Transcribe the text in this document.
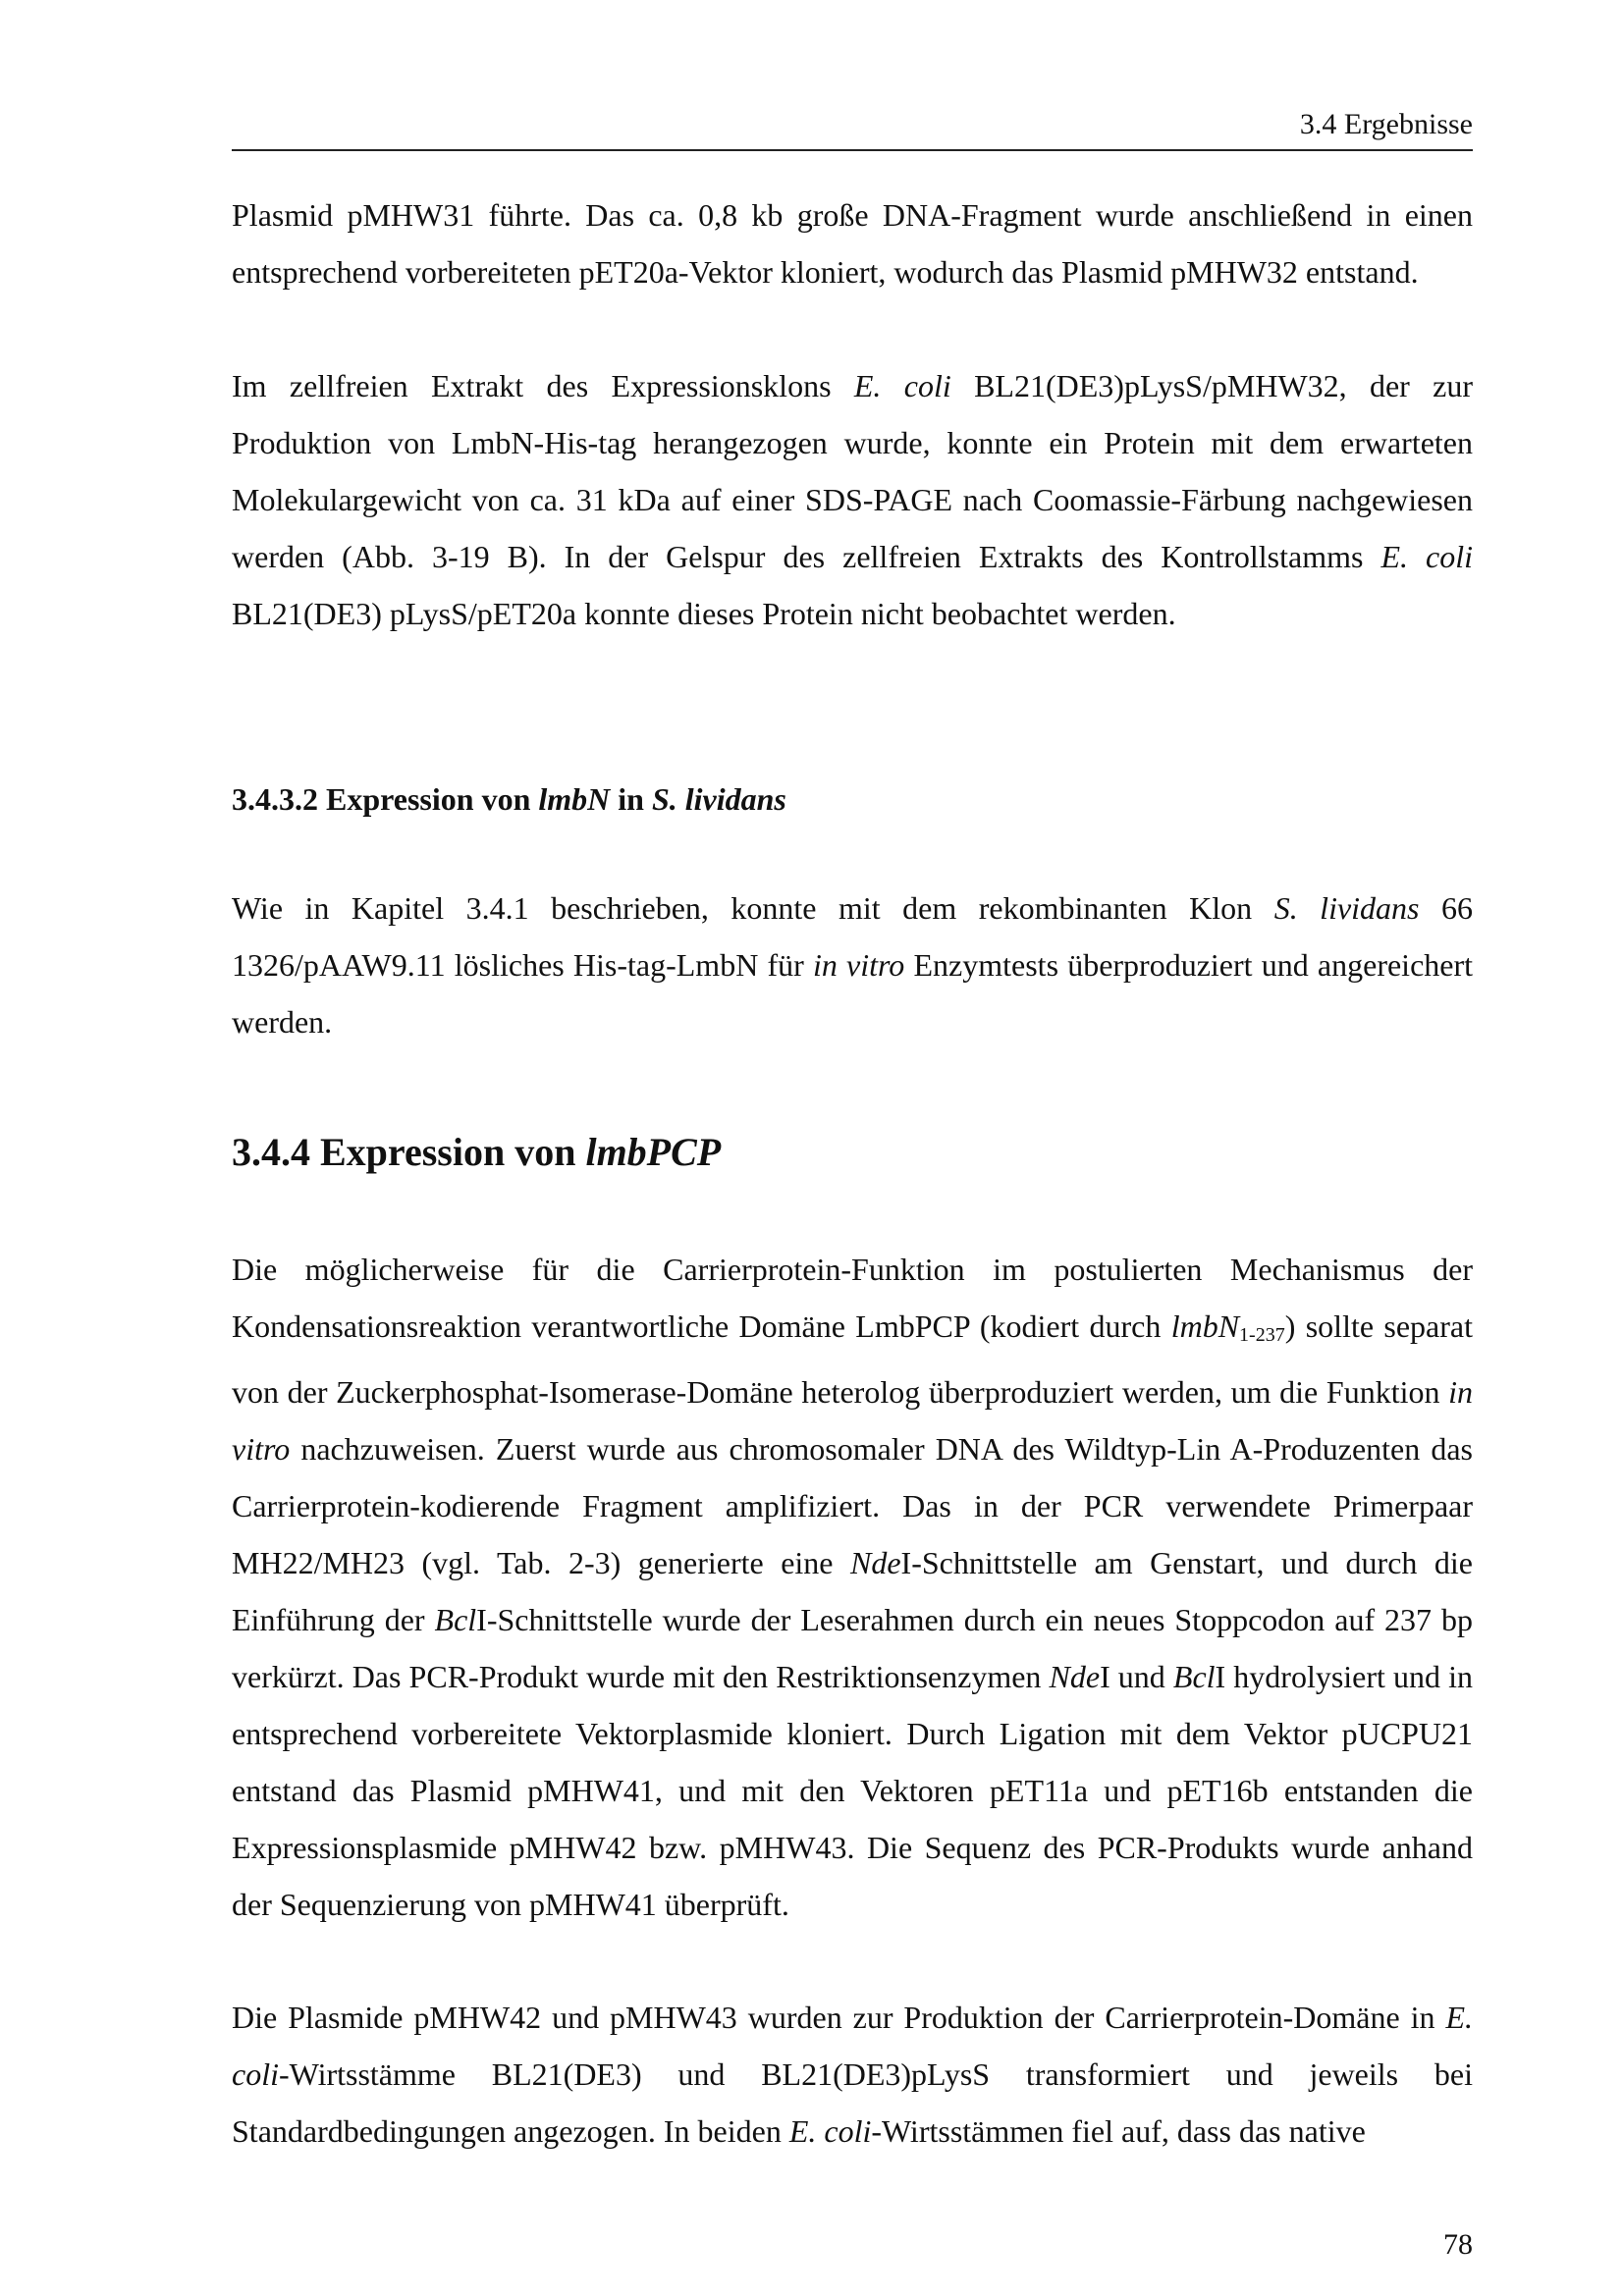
3.4 Ergebnisse
Plasmid pMHW31 führte. Das ca. 0,8 kb große DNA-Fragment wurde anschließend in einen entsprechend vorbereiteten pET20a-Vektor kloniert, wodurch das Plasmid pMHW32 entstand.
Im zellfreien Extrakt des Expressionsklons E. coli BL21(DE3)pLysS/pMHW32, der zur Produktion von LmbN-His-tag herangezogen wurde, konnte ein Protein mit dem erwarteten Molekulargewicht von ca. 31 kDa auf einer SDS-PAGE nach Coomassie-Färbung nachgewiesen werden (Abb. 3-19 B). In der Gelspur des zellfreien Extrakts des Kontrollstamms E. coli BL21(DE3) pLysS/pET20a konnte dieses Protein nicht beobachtet werden.
3.4.3.2 Expression von lmbN in S. lividans
Wie in Kapitel 3.4.1 beschrieben, konnte mit dem rekombinanten Klon S. lividans 66 1326/pAAW9.11 lösliches His-tag-LmbN für in vitro Enzymtests überproduziert und angereichert werden.
3.4.4 Expression von lmbPCP
Die möglicherweise für die Carrierprotein-Funktion im postulierten Mechanismus der Kondensationsreaktion verantwortliche Domäne LmbPCP (kodiert durch lmbN$_{1-237}$) sollte separat von der Zuckerphosphat-Isomerase-Domäne heterolog überproduziert werden, um die Funktion in vitro nachzuweisen. Zuerst wurde aus chromosomaler DNA des Wildtyp-Lin A-Produzenten das Carrierprotein-kodierende Fragment amplifiziert. Das in der PCR verwendete Primerpaar MH22/MH23 (vgl. Tab. 2-3) generierte eine NdeI-Schnittstelle am Genstart, und durch die Einführung der BclI-Schnittstelle wurde der Leserahmen durch ein neues Stoppcodon auf 237 bp verkürzt. Das PCR-Produkt wurde mit den Restriktionsenzymen NdeI und BclI hydrolysiert und in entsprechend vorbereitete Vektorplasmide kloniert. Durch Ligation mit dem Vektor pUCPU21 entstand das Plasmid pMHW41, und mit den Vektoren pET11a und pET16b entstanden die Expressionsplasmide pMHW42 bzw. pMHW43. Die Sequenz des PCR-Produkts wurde anhand der Sequenzierung von pMHW41 überprüft.
Die Plasmide pMHW42 und pMHW43 wurden zur Produktion der Carrierprotein-Domäne in E. coli-Wirtsstämme BL21(DE3) und BL21(DE3)pLysS transformiert und jeweils bei Standardbedingungen angezogen. In beiden E. coli-Wirtsstämmen fiel auf, dass das native
78
